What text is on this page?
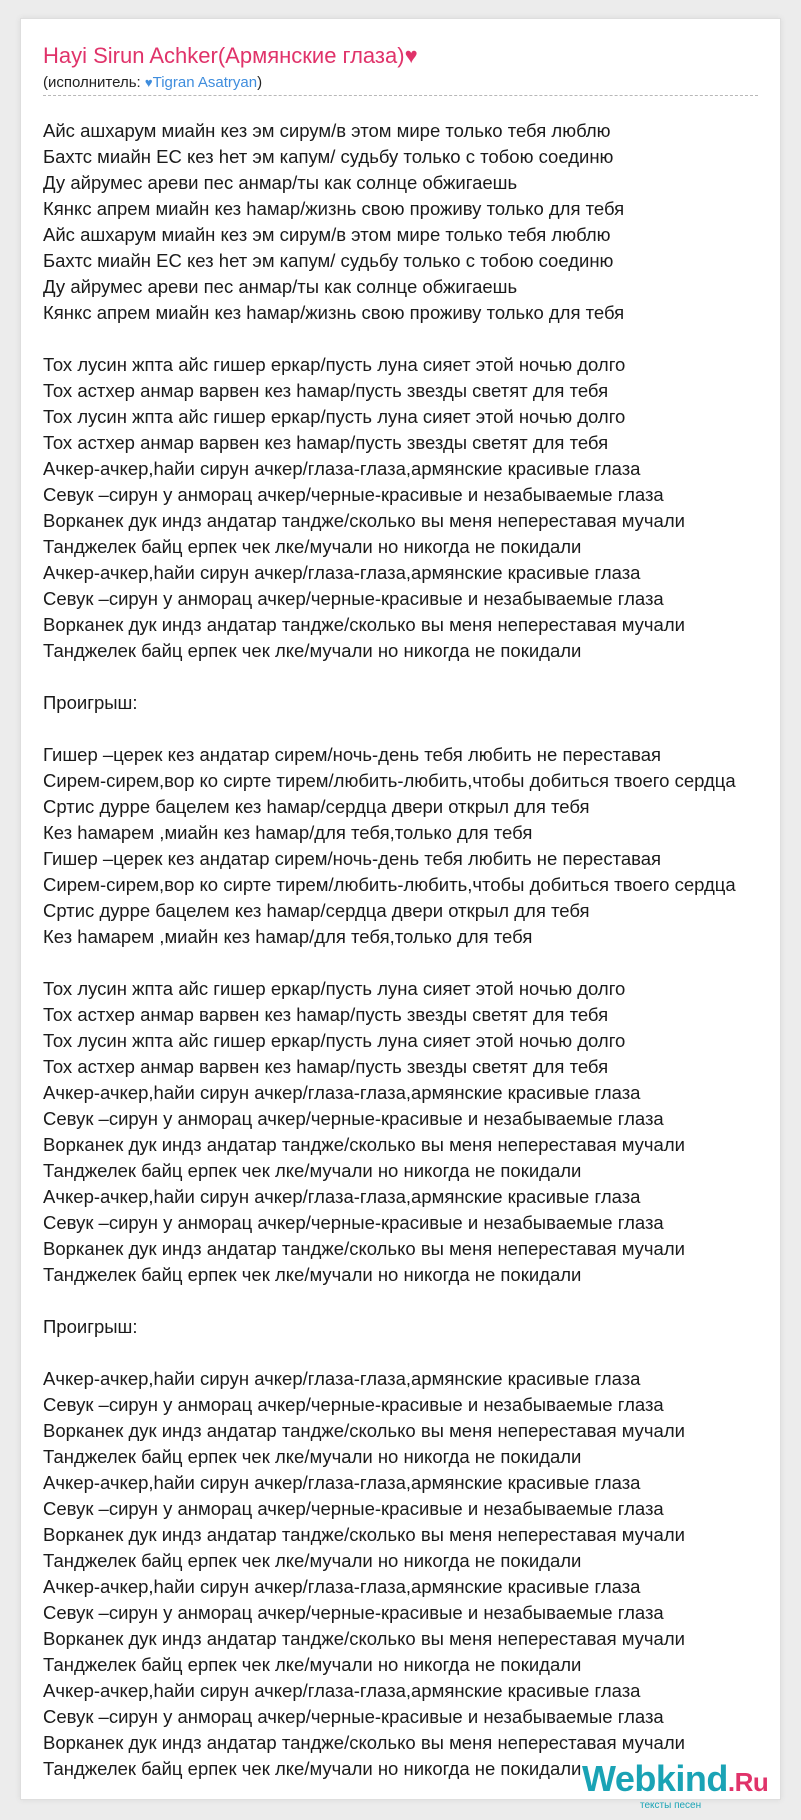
Hayi Sirun Achker(Армянские глаза)♥
(исполнитель: ♥Tigran Asatryan)
Айс ашхарум миайн кез эм сирум/в этом мире только тебя люблю
Бахтс миайн ЕС кез hет эм капум/ судьбу только с тобою соединю
Ду айрумес ареви пес анмар/ты как солнце обжигаешь
Кянкс апрем миайн кез hамар/жизнь свою проживу только для тебя
Айс ашхарум миайн кез эм сирум/в этом мире только тебя люблю
Бахтс миайн ЕС кез hет эм капум/ судьбу только с тобою соединю
Ду айрумес ареви пес анмар/ты как солнце обжигаешь
Кянкс апрем миайн кез hамар/жизнь свою проживу только для тебя
Тох лусин жпта айс гишер еркар/пусть луна сияет этой ночью долго
Тох астхер анмар варвен кез hамар/пусть звезды светят для тебя
Тох лусин жпта айс гишер еркар/пусть луна сияет этой ночью долго
Тох астхер анмар варвен кез hамар/пусть звезды светят для тебя
Ачкер-ачкер,hайи сирун ачкер/глаза-глаза,армянские красивые глаза
Севук –сирун у анморац ачкер/черные-красивые и незабываемые глаза
Ворканек дук индз андатар тандже/сколько вы меня непереставая мучали
Танджелек байц ерпек чек лке/мучали но никогда не покидали
Ачкер-ачкер,hайи сирун ачкер/глаза-глаза,армянские красивые глаза
Севук –сирун у анморац ачкер/черные-красивые и незабываемые глаза
Ворканек дук индз андатар тандже/сколько вы меня непереставая мучали
Танджелек байц ерпек чек лке/мучали но никогда не покидали
Проигрыш:
Гишер –церек кез андатар сирем/ночь-день тебя любить не переставая
Сирем-сирем,вор ко сирте тирем/любить-любить,чтобы добиться твоего сердца
Сртис дурре бацелем кез hамар/сердца двери открыл для тебя
Кез hамарем ,миайн кез hамар/для тебя,только для тебя
Гишер –церек кез андатар сирем/ночь-день тебя любить не переставая
Сирем-сирем,вор ко сирте тирем/любить-любить,чтобы добиться твоего сердца
Сртис дурре бацелем кез hамар/сердца двери открыл для тебя
Кез hамарем ,миайн кез hамар/для тебя,только для тебя
Тох лусин жпта айс гишер еркар/пусть луна сияет этой ночью долго
Тох астхер анмар варвен кез hамар/пусть звезды светят для тебя
Тох лусин жпта айс гишер еркар/пусть луна сияет этой ночью долго
Тох астхер анмар варвен кез hамар/пусть звезды светят для тебя
Ачкер-ачкер,hайи сирун ачкер/глаза-глаза,армянские красивые глаза
Севук –сирун у анморац ачкер/черные-красивые и незабываемые глаза
Ворканек дук индз андатар тандже/сколько вы меня непереставая мучали
Танджелек байц ерпек чек лке/мучали но никогда не покидали
Ачкер-ачкер,hайи сирун ачкер/глаза-глаза,армянские красивые глаза
Севук –сирун у анморац ачкер/черные-красивые и незабываемые глаза
Ворканек дук индз андатар тандже/сколько вы меня непереставая мучали
Танджелек байц ерпек чек лке/мучали но никогда не покидали
Проигрыш:
Ачкер-ачкер,hайи сирун ачкер/глаза-глаза,армянские красивые глаза
Севук –сирун у анморац ачкер/черные-красивые и незабываемые глаза
Ворканек дук индз андатар тандже/сколько вы меня непереставая мучали
Танджелек байц ерпек чек лке/мучали но никогда не покидали
Ачкер-ачкер,hайи сирун ачкер/глаза-глаза,армянские красивые глаза
Севук –сирун у анморац ачкер/черные-красивые и незабываемые глаза
Ворканек дук индз андатар тандже/сколько вы меня непереставая мучали
Танджелек байц ерпек чек лке/мучали но никогда не покидали
Ачкер-ачкер,hайи сирун ачкер/глаза-глаза,армянские красивые глаза
Севук –сирун у анморац ачкер/черные-красивые и незабываемые глаза
Ворканек дук индз андатар тандже/сколько вы меня непереставая мучали
Танджелек байц ерпек чек лке/мучали но никогда не покидали
Ачкер-ачкер,hайи сирун ачкер/глаза-глаза,армянские красивые глаза
Севук –сирун у анморац ачкер/черные-красивые и незабываемые глаза
Ворканек дук индз андатар тандже/сколько вы меня непереставая мучали
Танджелек байц ерпек чек лке/мучали но никогда не покидали Webkind.Ru
тексты песен
